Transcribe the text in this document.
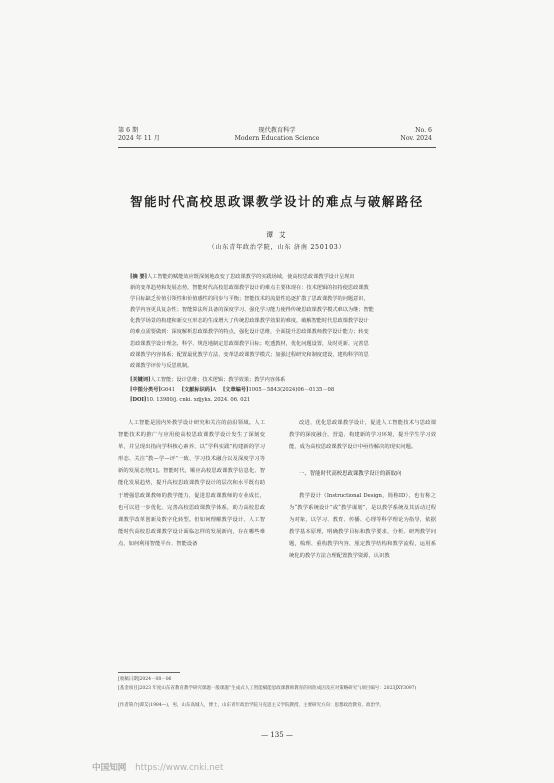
第 6 期
2024 年 11 月
现代教育科学
Modern Education Science
No. 6
Nov. 2024
智能时代高校思政课教学设计的难点与破解路径
谭 艾
（山东青年政治学院，山东 济南 250103）
[摘 要]人工智能的赋能效应既深刻地改变了思政课教学的实践场域，使高校思政课教学设计呈现出
新的变革趋势和发展态势。智能时代高校思政课教学设计的难点主要体现在：技术逻辑的扣持使思政课教
学目标缺乏价值引领性和价值感性的同步与平衡；智能技术的流量性追逐扩散了思政课教学的问题意识，
教学内容更具复杂性；智能算法所具备的深度学习、强化学习能力使得传统思政课教学模式难以为继；智能
化教学场景的构建和新交互形态的生成增大了传统思政课教学效果的难度。破解智能时代思政课教学设计
的难点需要做到：深度解析思政课教学的特点，强化设计思维，全面提升思政课教师教学设计能力；转变
思政课教学设计理念，科学、规范地制定思政课教学目标；吃透教材，优化问题设置，及时更新、完善思
政课教学内容体系；配置最优教学方法，变革思政课教学模式；加强过程研究和制度建设，建构科学的思
政课教学评价与反思机制。
[关键词]人工智能；设计思维；技术逻辑；教学效果；教学内容体系
[中图分类号]G641 [文献标识码]A [文章编号]1005－5843(2024)06－0135－08
[DOI]10. 13980/j. cnki. xdjykx. 2024. 06. 021

人工智能是国内外教学设计研究和关注的前沿领域。人工智能技术的推广与应用使高校思政课教学设计发生了深刻变革，并呈现出指向学科核心素养、以“学科实践”构建新的学习形态、关注“教—学—评”一致、学习技术融合以及深度学习等新的发展态势[1]。智能时代，顺应高校思政课教学信息化、智能化发展趋势，提升高校思政课教学设计的层次和水平既有助于增强思政课教师的教学能力，促进思政课教师的专业成长，也可以进一步优化、完善高校思政课教学体系，助力高校思政课教学改革创新及数字化转型。但如何理解教学设计，人工智能时代高校思政课教学设计面临怎样的发展新向，存在哪些难点，如何利用智能平台、智能设备

改进、优化思政课教学设计，促进人工智能技术与思政课教学的深度融合，营造、构建新的学习环境，提升学生学习效能，成为高校思政课教学设计中亟待解决的现实问题。

一、智能时代高校思政课教学设计的新取向
教学设计（Instructional Design，简称ID），也有称之为“教学系统设计”或“教学谋划”，是以教学系统及其活动过程为对象，以学习、教育、传播、心理等科学理论为指导，依据教学基本原理，明确教学目标和教学要求，分析、研判教学问题，梳理、重构教学内容，厘定教学结构和教学流程，运用系统化的教学方法合理配置教学资源，认识教
[收稿日期]2024－08－06
[基金项目]2023 年度山东省教育教学研究课题一般课题“生成式人工智能赋能思政课教师教育的风险成因及应对策略研究”(项目编号：2023JXY3097)
[作者简介]谭艾(1984—)，男，山东高城人，博士，山东青年政治学院马克思主义学院教授，主要研究方向：思想政治教育、政治学。
— 135 —
中国知网 https://www.cnki.net
